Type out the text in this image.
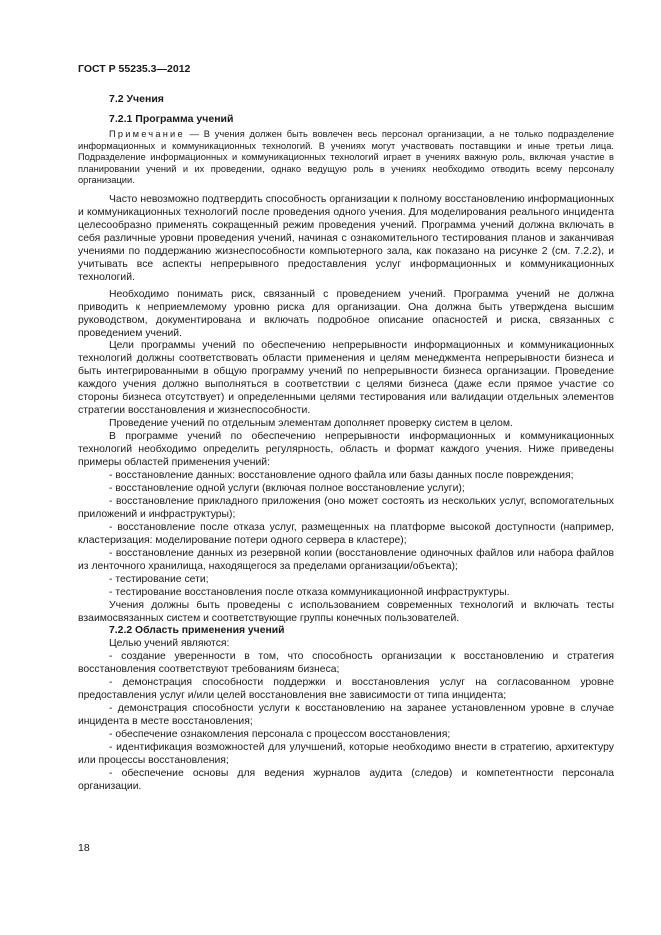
ГОСТ Р 55235.3—2012
7.2 Учения
7.2.1 Программа учений
Примечание — В учения должен быть вовлечен весь персонал организации, а не только подразделение информационных и коммуникационных технологий. В учениях могут участвовать поставщики и иные третьи лица. Подразделение информационных и коммуникационных технологий играет в учениях важную роль, включая участие в планировании учений и их проведении, однако ведущую роль в учениях необходимо отводить всему персоналу организации.

Часто невозможно подтвердить способность организации к полному восстановлению информационных и коммуникационных технологий после проведения одного учения. Для моделирования реального инцидента целесообразно применять сокращенный режим проведения учений. Программа учений должна включать в себя различные уровни проведения учений, начиная с ознакомительного тестирования планов и заканчивая учениями по поддержанию жизнеспособности компьютерного зала, как показано на рисунке 2 (см. 7.2.2), и учитывать все аспекты непрерывного предоставления услуг информационных и коммуникационных технологий.

Необходимо понимать риск, связанный с проведением учений. Программа учений не должна приводить к неприемлемому уровню риска для организации. Она должна быть утверждена высшим руководством, документирована и включать подробное описание опасностей и риска, связанных с проведением учений.

Цели программы учений по обеспечению непрерывности информационных и коммуникационных технологий должны соответствовать области применения и целям менеджмента непрерывности бизнеса и быть интегрированными в общую программу учений по непрерывности бизнеса организации. Проведение каждого учения должно выполняться в соответствии с целями бизнеса (даже если прямое участие со стороны бизнеса отсутствует) и определенными целями тестирования или валидации отдельных элементов стратегии восстановления и жизнеспособности.

Проведение учений по отдельным элементам дополняет проверку систем в целом.

В программе учений по обеспечению непрерывности информационных и коммуникационных технологий необходимо определить регулярность, область и формат каждого учения. Ниже приведены примеры областей применения учений:

- восстановление данных: восстановление одного файла или базы данных после повреждения;

- восстановление одной услуги (включая полное восстановление услуги);

- восстановление прикладного приложения (оно может состоять из нескольких услуг, вспомогательных приложений и инфраструктуры);

- восстановление после отказа услуг, размещенных на платформе высокой доступности (например, кластеризация: моделирование потери одного сервера в кластере);

- восстановление данных из резервной копии (восстановление одиночных файлов или набора файлов из ленточного хранилища, находящегося за пределами организации/объекта);

- тестирование сети;

- тестирование восстановления после отказа коммуникационной инфраструктуры.

Учения должны быть проведены с использованием современных технологий и включать тесты взаимосвязанных систем и соответствующие группы конечных пользователей.

7.2.2 Область применения учений

Целью учений являются:

- создание уверенности в том, что способность организации к восстановлению и стратегия восстановления соответствуют требованиям бизнеса;

- демонстрация способности поддержки и восстановления услуг на согласованном уровне предоставления услуг и/или целей восстановления вне зависимости от типа инцидента;

- демонстрация способности услуги к восстановлению на заранее установленном уровне в случае инцидента в месте восстановления;

- обеспечение ознакомления персонала с процессом восстановления;

- идентификация возможностей для улучшений, которые необходимо внести в стратегию, архитектуру или процессы восстановления;

- обеспечение основы для ведения журналов аудита (следов) и компетентности персонала организации.

18
